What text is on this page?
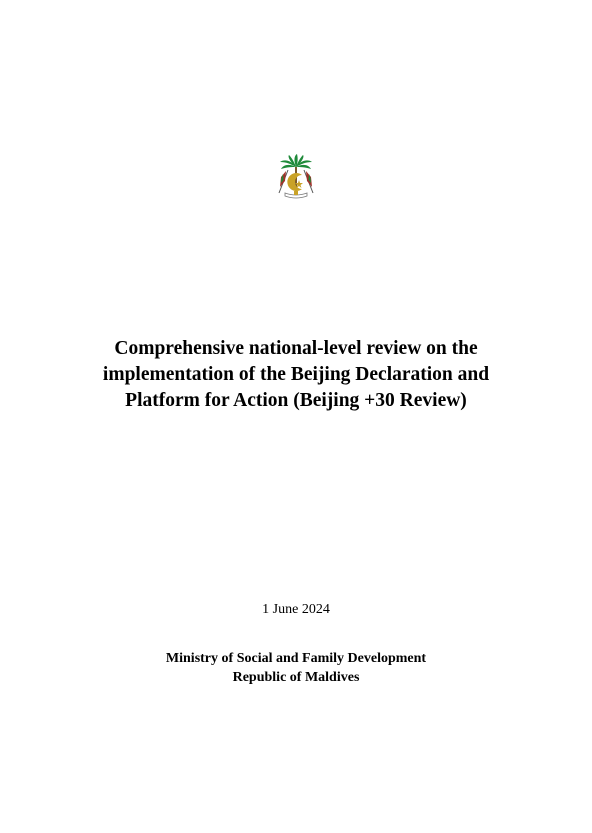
Comprehensive national-level review on the
implementation of the Beijing Declaration and
Platform for Action (Beijing +30 Review)
1 June 2024
Ministry of Social and Family Development
Republic of Maldives
